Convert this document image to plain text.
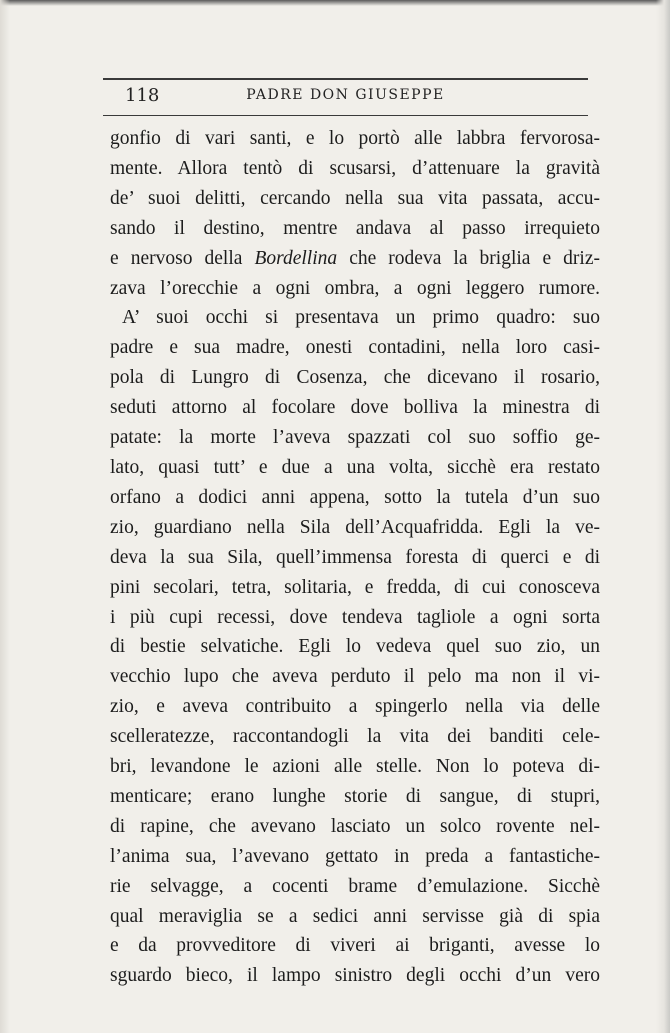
118	PADRE DON GIUSEPPE
gonfio di vari santi, e lo portò alle labbra fervorosa-
mente. Allora tentò di scusarsi, d’attenuare la gravità
de’ suoi delitti, cercando nella sua vita passata, accu-
sando il destino, mentre andava al passo irrequieto
e nervoso della Bordellina che rodeva la briglia e driz-
zava l’orecchie a ogni ombra, a ogni leggero rumore.
A’ suoi occhi si presentava un primo quadro: suo
padre e sua madre, onesti contadini, nella loro casi-
pola di Lungro di Cosenza, che dicevano il rosario,
seduti attorno al focolare dove bolliva la minestra di
patate: la morte l’aveva spazzati col suo soffio ge-
lato, quasi tutt’ e due a una volta, sicchè era restato
orfano a dodici anni appena, sotto la tutela d’un suo
zio, guardiano nella Sila dell’Acquafridda. Egli la ve-
deva la sua Sila, quell’immensa foresta di querci e di
pini secolari, tetra, solitaria, e fredda, di cui conosceva
i più cupi recessi, dove tendeva tagliole a ogni sorta
di bestie selvatiche. Egli lo vedeva quel suo zio, un
vecchio lupo che aveva perduto il pelo ma non il vi-
zio, e aveva contribuito a spingerlo nella via delle
scelleratezze, raccontandogli la vita dei banditi cele-
bri, levandone le azioni alle stelle. Non lo poteva di-
menticare; erano lunghe storie di sangue, di stupri,
di rapine, che avevano lasciato un solco rovente nel-
l’anima sua, l’avevano gettato in preda a fantastiche-
rie selvagge, a cocenti brame d’emulazione. Sicchè
qual meraviglia se a sedici anni servisse già di spia
e da provveditore di viveri ai briganti, avesse lo
sguardo bieco, il lampo sinistro degli occhi d’un vero
